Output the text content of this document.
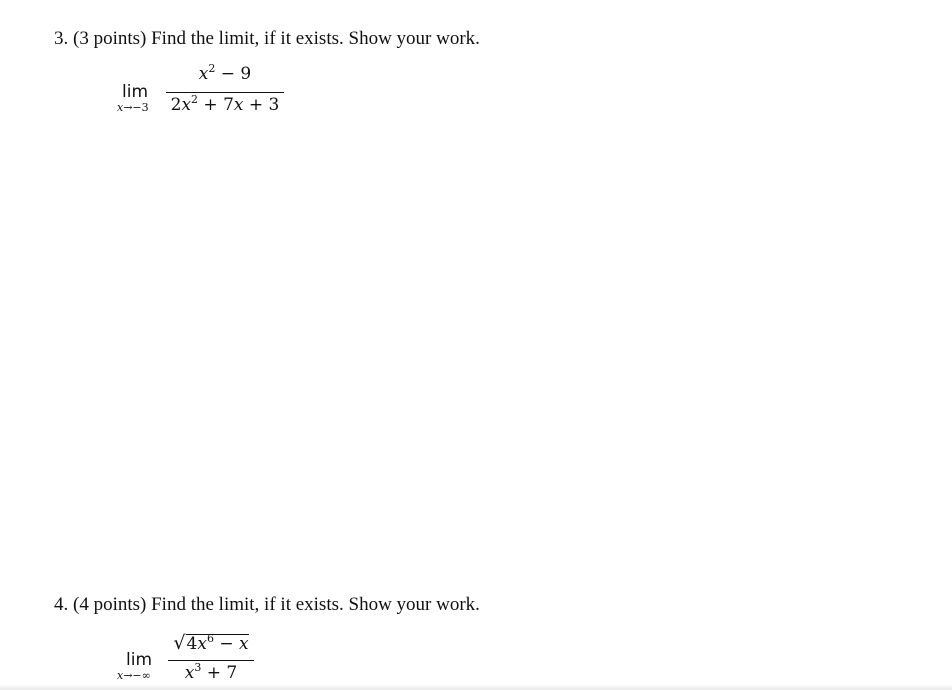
3. (3 points) Find the limit, if it exists. Show your work.
lim
x→−3
$x^2 - 9$
$2x^2 + 7x + 3$
4. (4 points) Find the limit, if it exists. Show your work.
lim
x→−∞
$√4x^6 - x$
$x^3 + 7$
